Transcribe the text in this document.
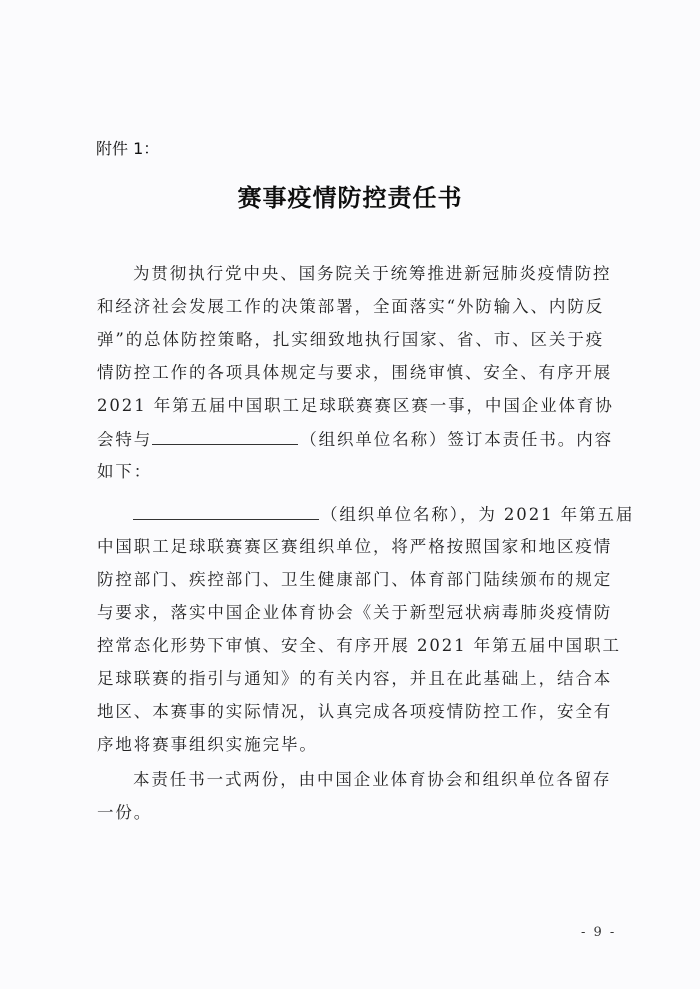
附件 1：
赛事疫情防控责任书
为贯彻执行党中央、国务院关于统筹推进新冠肺炎疫情防控
和经济社会发展工作的决策部署，全面落实“外防输入、内防反
弹”的总体防控策略，扎实细致地执行国家、省、市、区关于疫
情防控工作的各项具体规定与要求，围绕审慎、安全、有序开展
2021 年第五届中国职工足球联赛赛区赛一事，中国企业体育协
会特与	（组织单位名称）签订本责任书。内容
如下：
（组织单位名称），为 2021 年第五届
中国职工足球联赛赛区赛组织单位，将严格按照国家和地区疫情
防控部门、疾控部门、卫生健康部门、体育部门陆续颁布的规定
与要求，落实中国企业体育协会《关于新型冠状病毒肺炎疫情防
控常态化形势下审慎、安全、有序开展 2021 年第五届中国职工
足球联赛的指引与通知》的有关内容，并且在此基础上，结合本
地区、本赛事的实际情况，认真完成各项疫情防控工作，安全有
序地将赛事组织实施完毕。
本责任书一式两份，由中国企业体育协会和组织单位各留存
一份。
- 9 -
